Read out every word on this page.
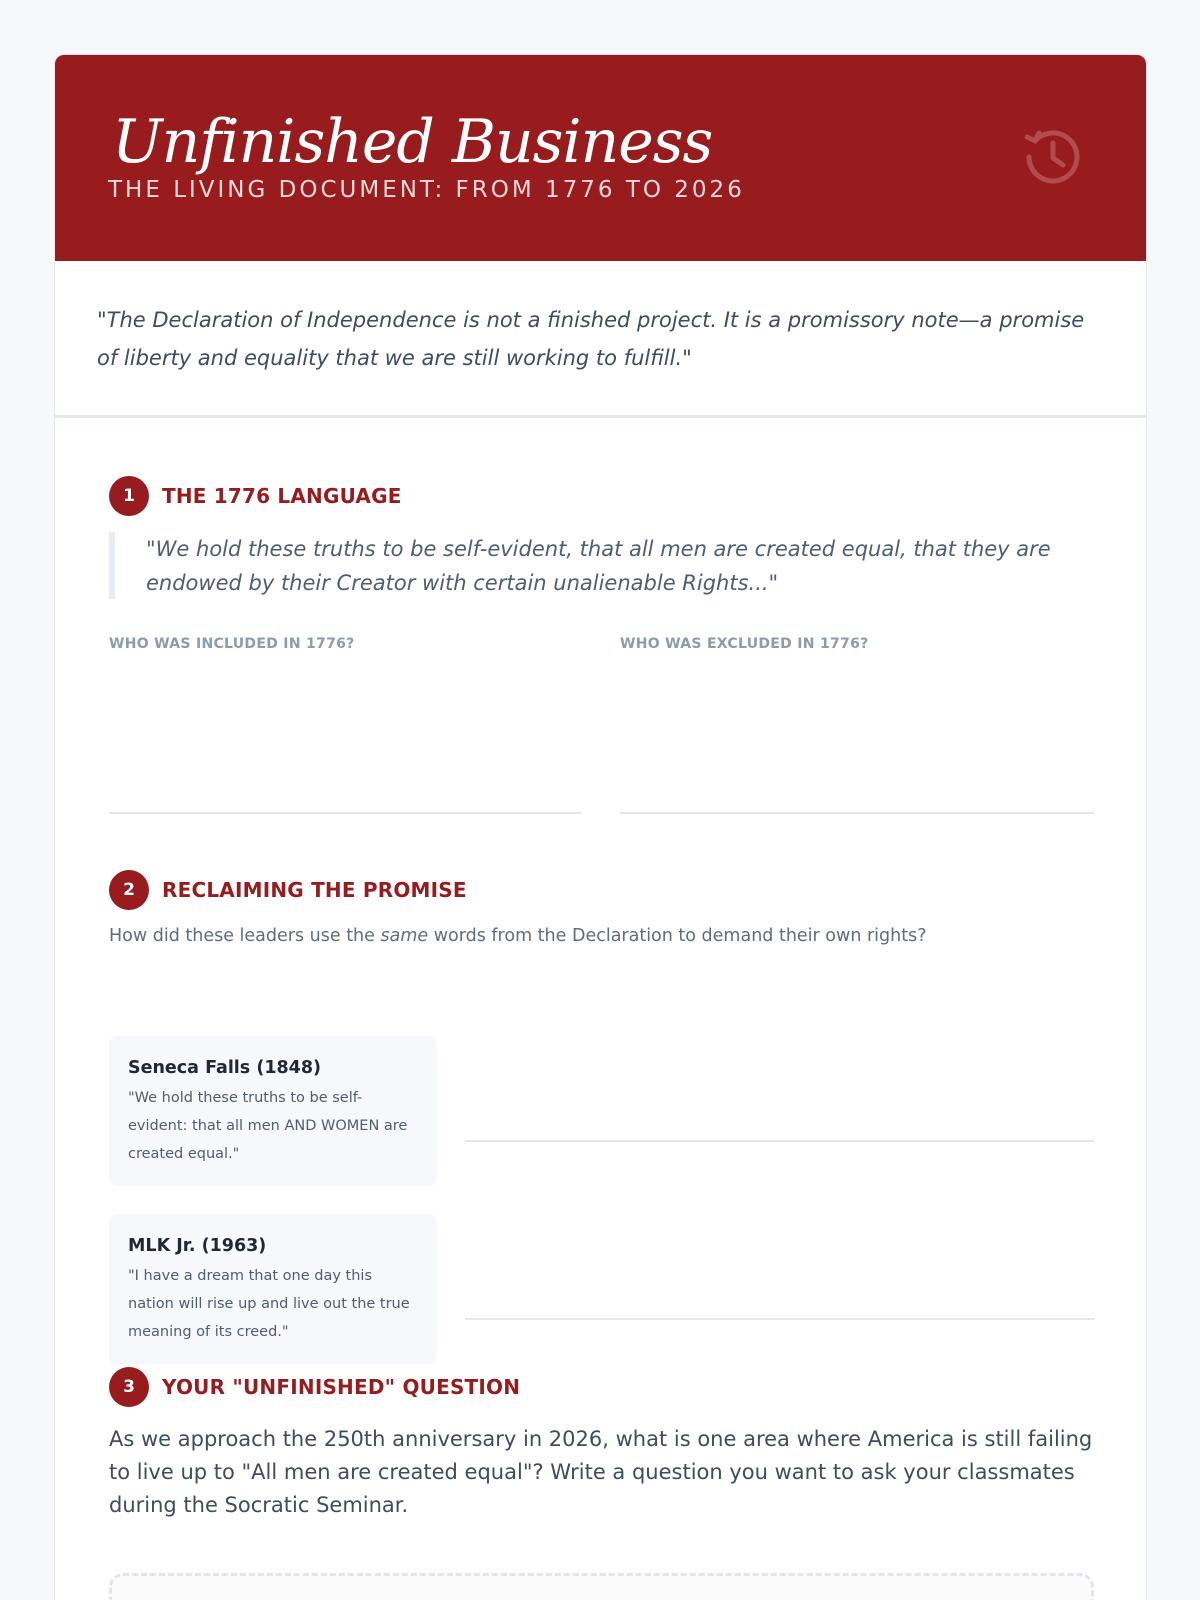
Unfinished Business
THE LIVING DOCUMENT: FROM 1776 TO 2026
"The Declaration of Independence is not a finished project. It is a promissory note—a promise of liberty and equality that we are still working to fulfill."
1	THE 1776 LANGUAGE
"We hold these truths to be self-evident, that all men are created equal, that they are endowed by their Creator with certain unalienable Rights..."
WHO WAS INCLUDED IN 1776?	WHO WAS EXCLUDED IN 1776?
2	RECLAIMING THE PROMISE
How did these leaders use the same words from the Declaration to demand their own rights?
Seneca Falls (1848)
"We hold these truths to be self-evident: that all men AND WOMEN are created equal."
MLK Jr. (1963)
"I have a dream that one day this nation will rise up and live out the true meaning of its creed."
3	YOUR "UNFINISHED" QUESTION
As we approach the 250th anniversary in 2026, what is one area where America is still failing to live up to "All men are created equal"? Write a question you want to ask your classmates during the Socratic Seminar.
